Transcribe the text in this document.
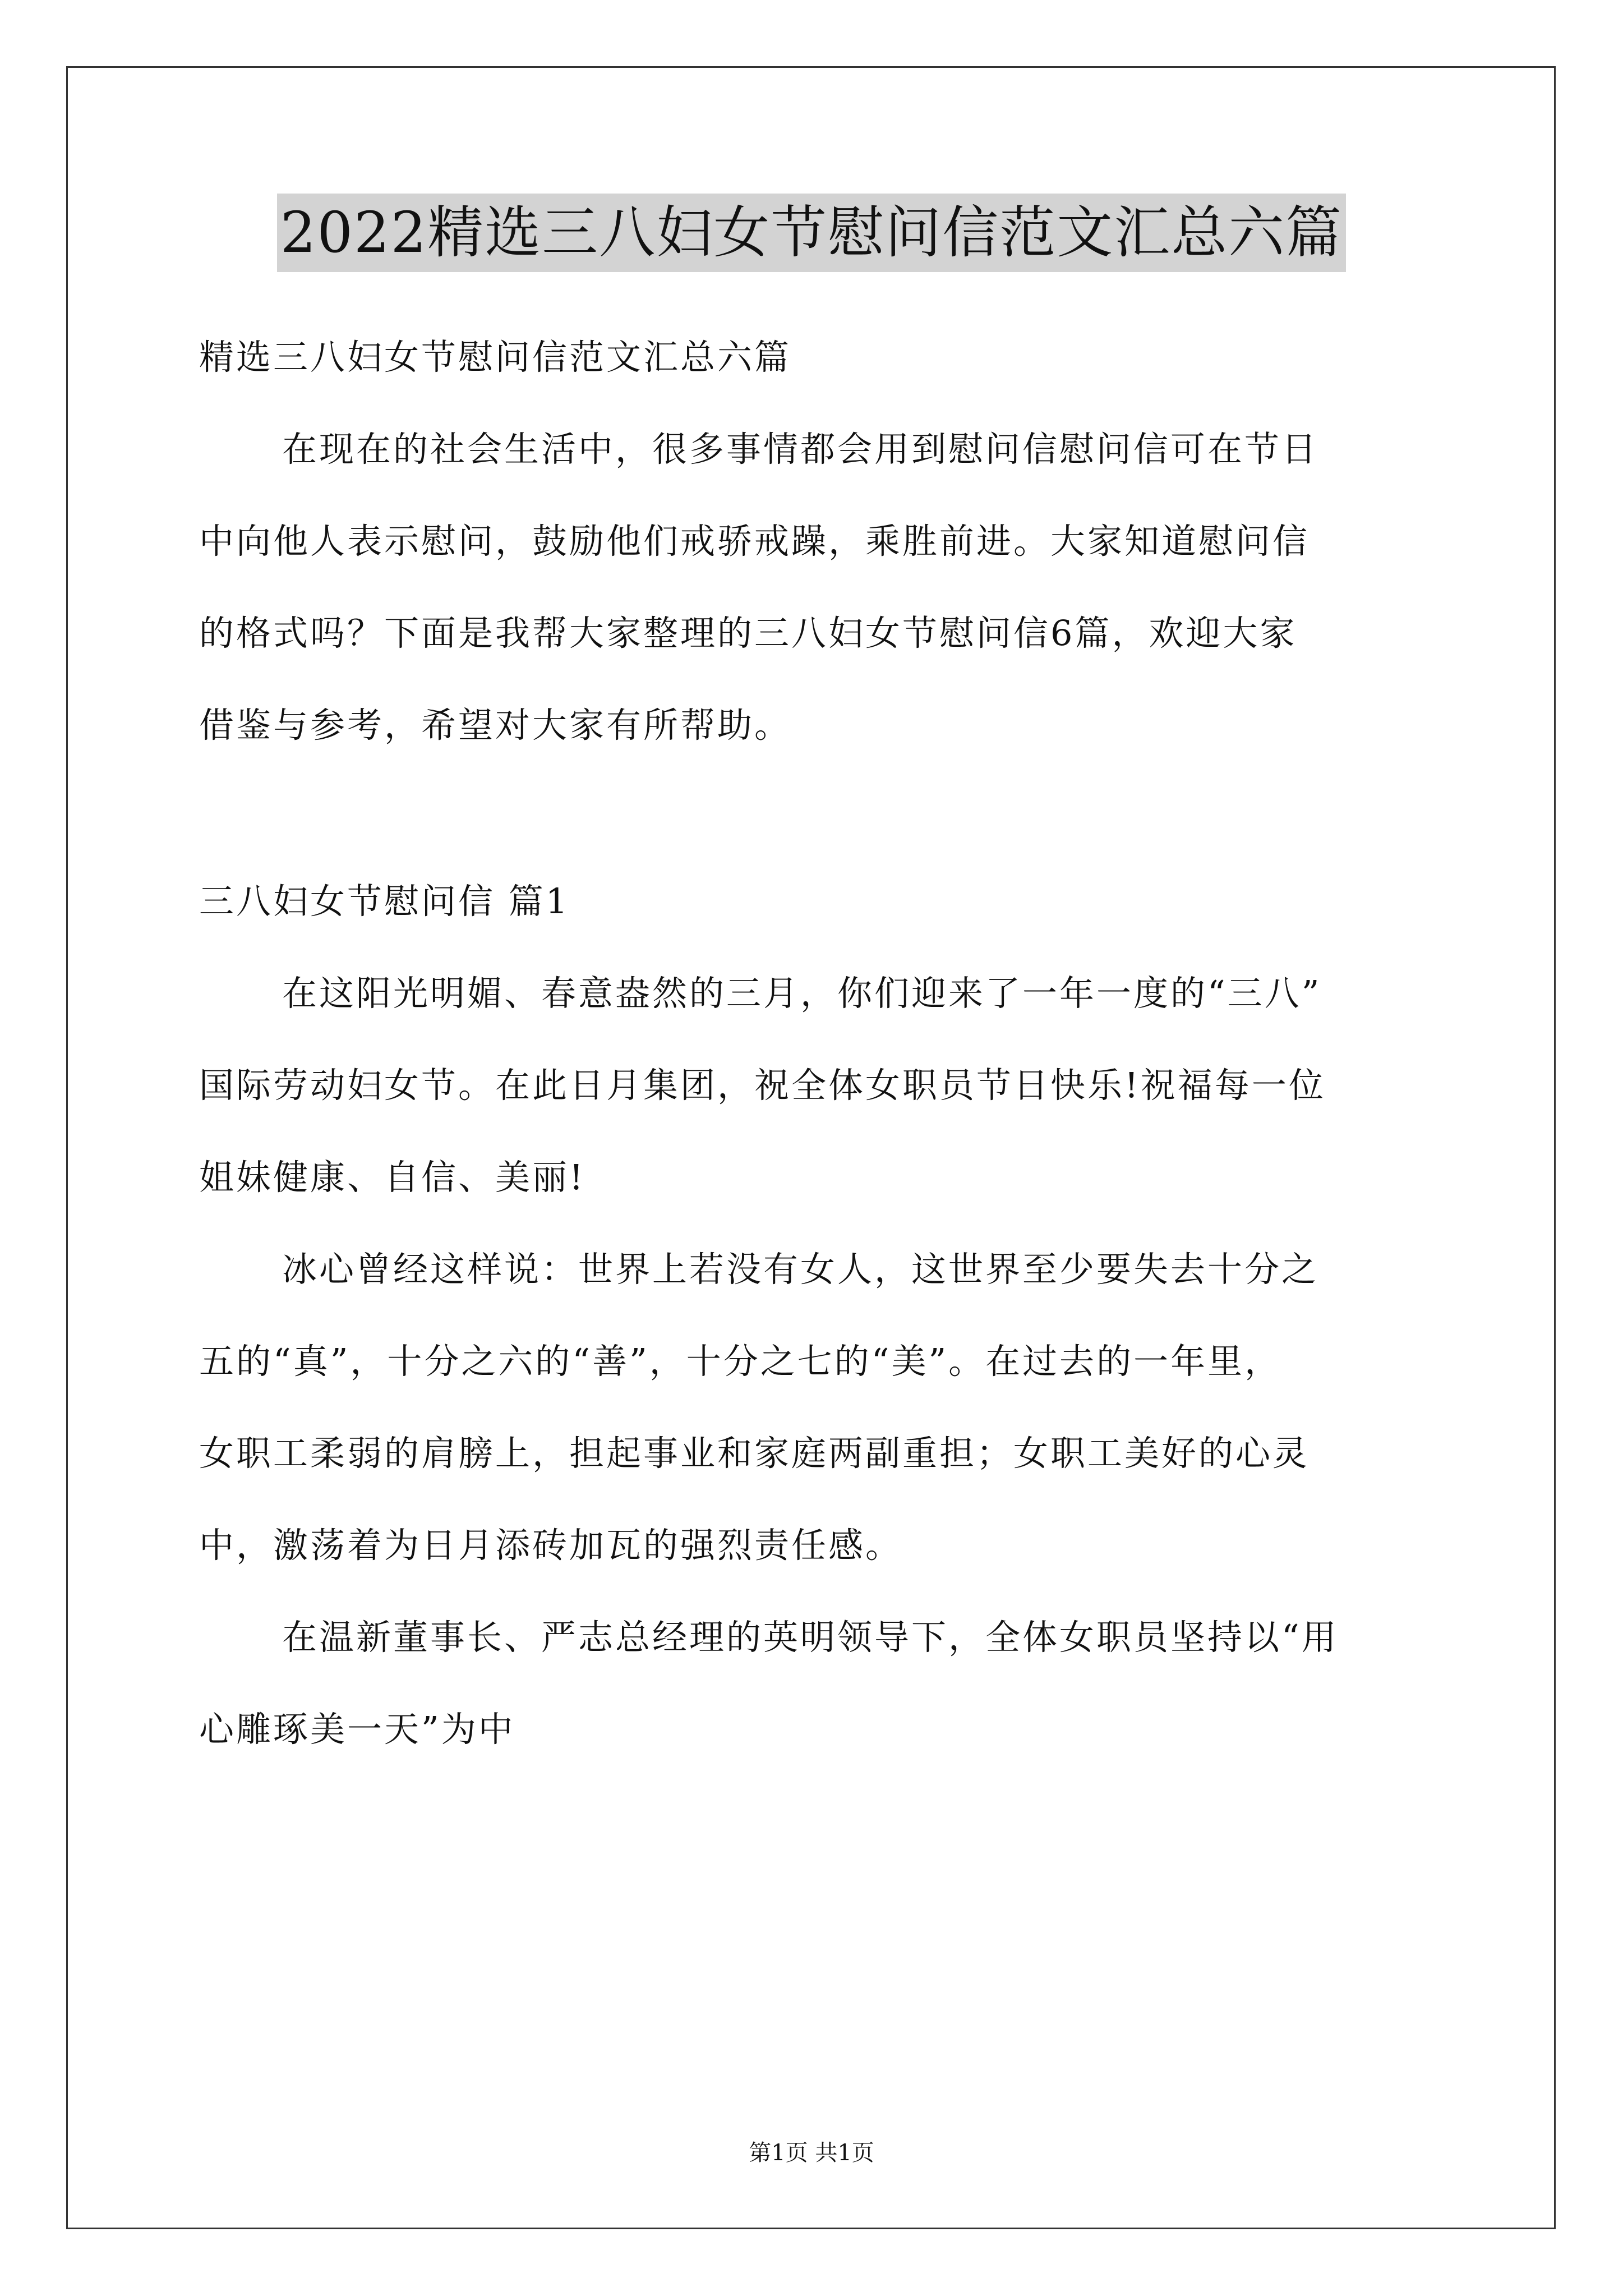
2022精选三八妇女节慰问信范文汇总六篇
精选三八妇女节慰问信范文汇总六篇
在现在的社会生活中，很多事情都会用到慰问信慰问信可在节日
中向他人表示慰问，鼓励他们戒骄戒躁，乘胜前进。大家知道慰问信
的格式吗？下面是我帮大家整理的三八妇女节慰问信6篇，欢迎大家
借鉴与参考，希望对大家有所帮助。
三八妇女节慰问信 篇1
在这阳光明媚、春意盎然的三月，你们迎来了一年一度的“三八”
国际劳动妇女节。在此日月集团，祝全体女职员节日快乐!祝福每一位
姐妹健康、自信、美丽!
冰心曾经这样说：世界上若没有女人，这世界至少要失去十分之
五的“真”，十分之六的“善”，十分之七的“美”。在过去的一年里，
女职工柔弱的肩膀上，担起事业和家庭两副重担；女职工美好的心灵
中，激荡着为日月添砖加瓦的强烈责任感。
在温新董事长、严志总经理的英明领导下，全体女职员坚持以“用
心雕琢美一天”为中
第1页 共1页
